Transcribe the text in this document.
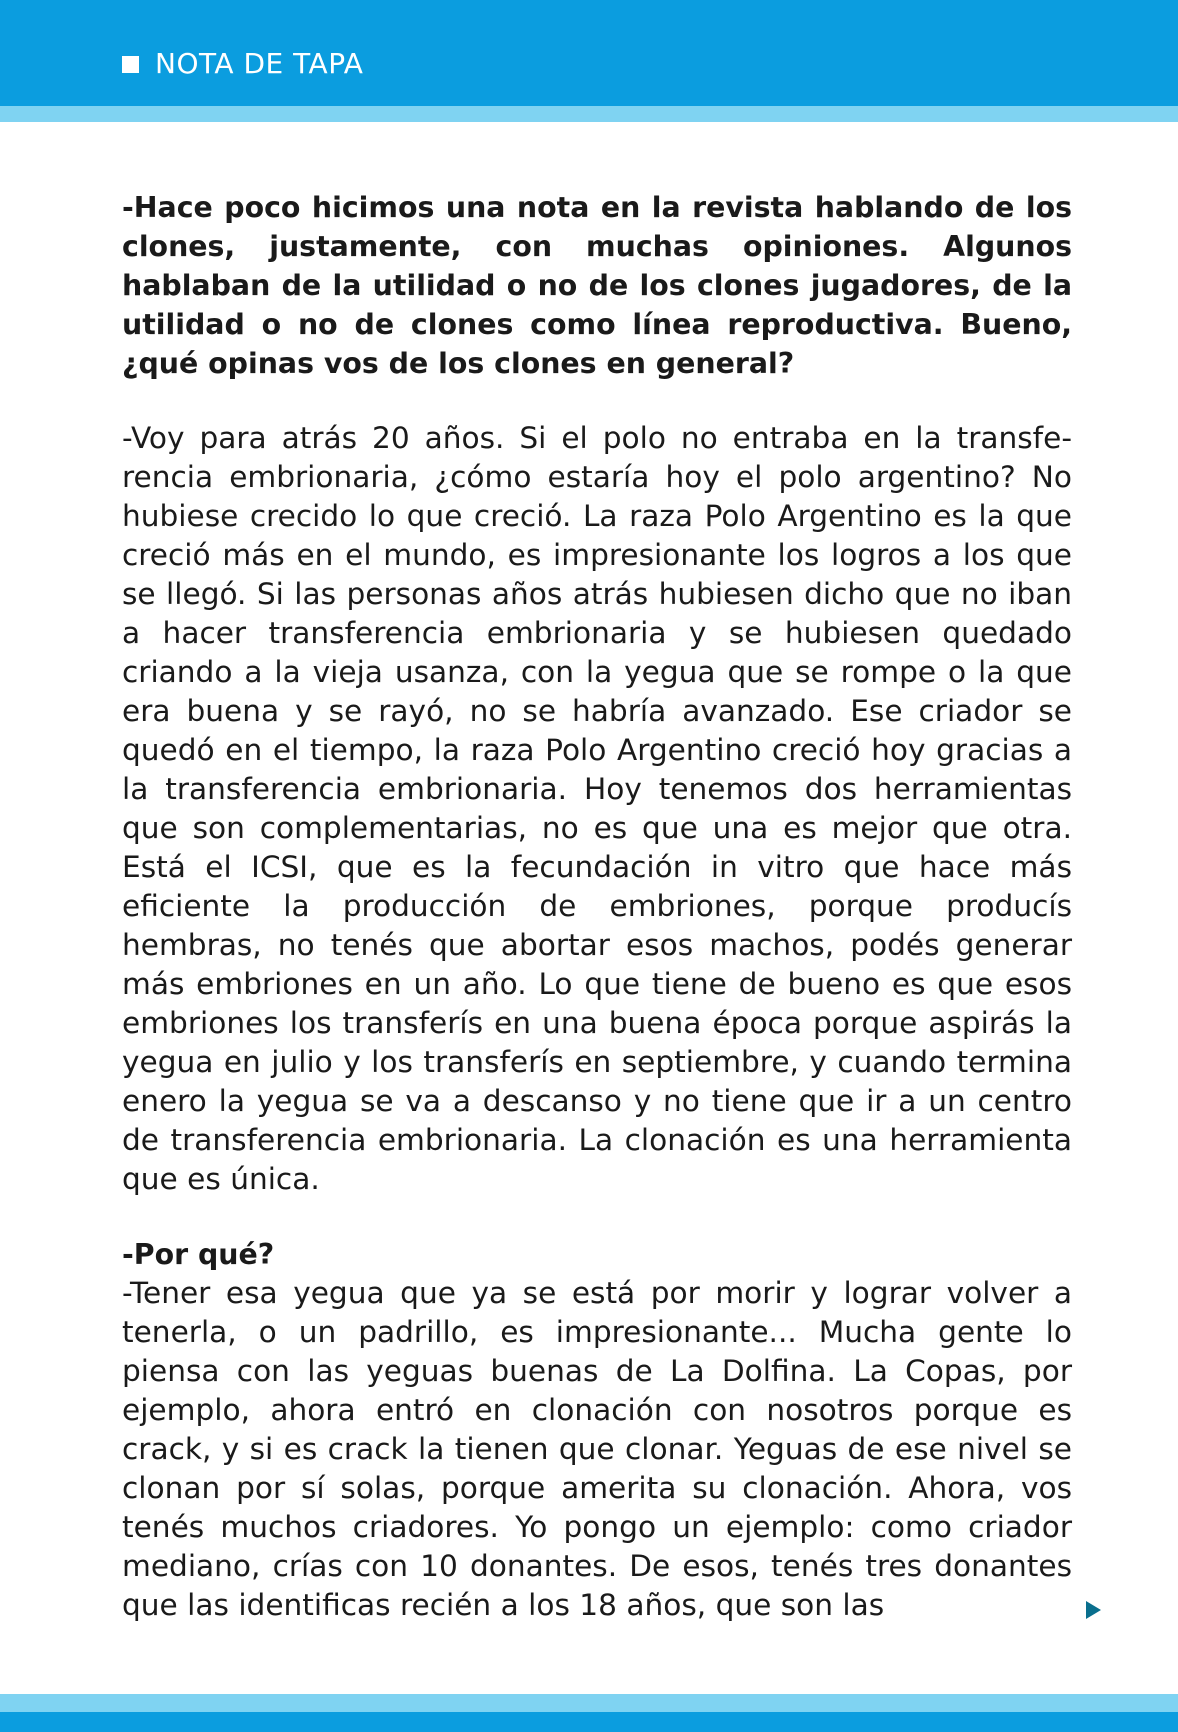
NOTA DE TAPA

-Hace poco hicimos una nota en la revista hablando de los clones, justamente, con muchas opiniones. Algunos hablaban de la utilidad o no de los clones jugadores, de la utilidad o no de clones como línea reproductiva. Bueno, ¿qué opinas vos de los clones en general?

-Voy para atrás 20 años. Si el polo no entraba en la transferencia embrionaria, ¿cómo estaría hoy el polo argentino? No hubiese crecido lo que creció. La raza Polo Argentino es la que creció más en el mundo, es impresionante los logros a los que se llegó. Si las personas años atrás hubiesen dicho que no iban a hacer transferencia embrionaria y se hubiesen quedado criando a la vieja usanza, con la yegua que se rompe o la que era buena y se rayó, no se habría avanzado. Ese criador se quedó en el tiempo, la raza Polo Argentino creció hoy gracias a la transferencia embrionaria. Hoy tenemos dos herramientas que son complementarias, no es que una es mejor que otra. Está el ICSI, que es la fecundación in vitro que hace más eficiente la producción de embriones, porque producís hembras, no tenés que abortar esos machos, podés generar más embriones en un año. Lo que tiene de bueno es que esos embriones los transferís en una buena época porque aspirás la yegua en julio y los transferís en septiembre, y cuando termina enero la yegua se va a descanso y no tiene que ir a un centro de transferencia embrionaria. La clonación es una herramienta que es única.

-Por qué?

-Tener esa yegua que ya se está por morir y lograr volver a tenerla, o un padrillo, es impresionante... Mucha gente lo piensa con las yeguas buenas de La Dolfina. La Copas, por ejemplo, ahora entró en clonación con nosotros porque es crack, y si es crack la tienen que clonar. Yeguas de ese nivel se clonan por sí solas, porque amerita su clonación. Ahora, vos tenés muchos criadores. Yo pongo un ejemplo: como criador mediano, crías con 10 donantes. De esos, tenés tres donantes que las identificas recién a los 18 años, que son las
